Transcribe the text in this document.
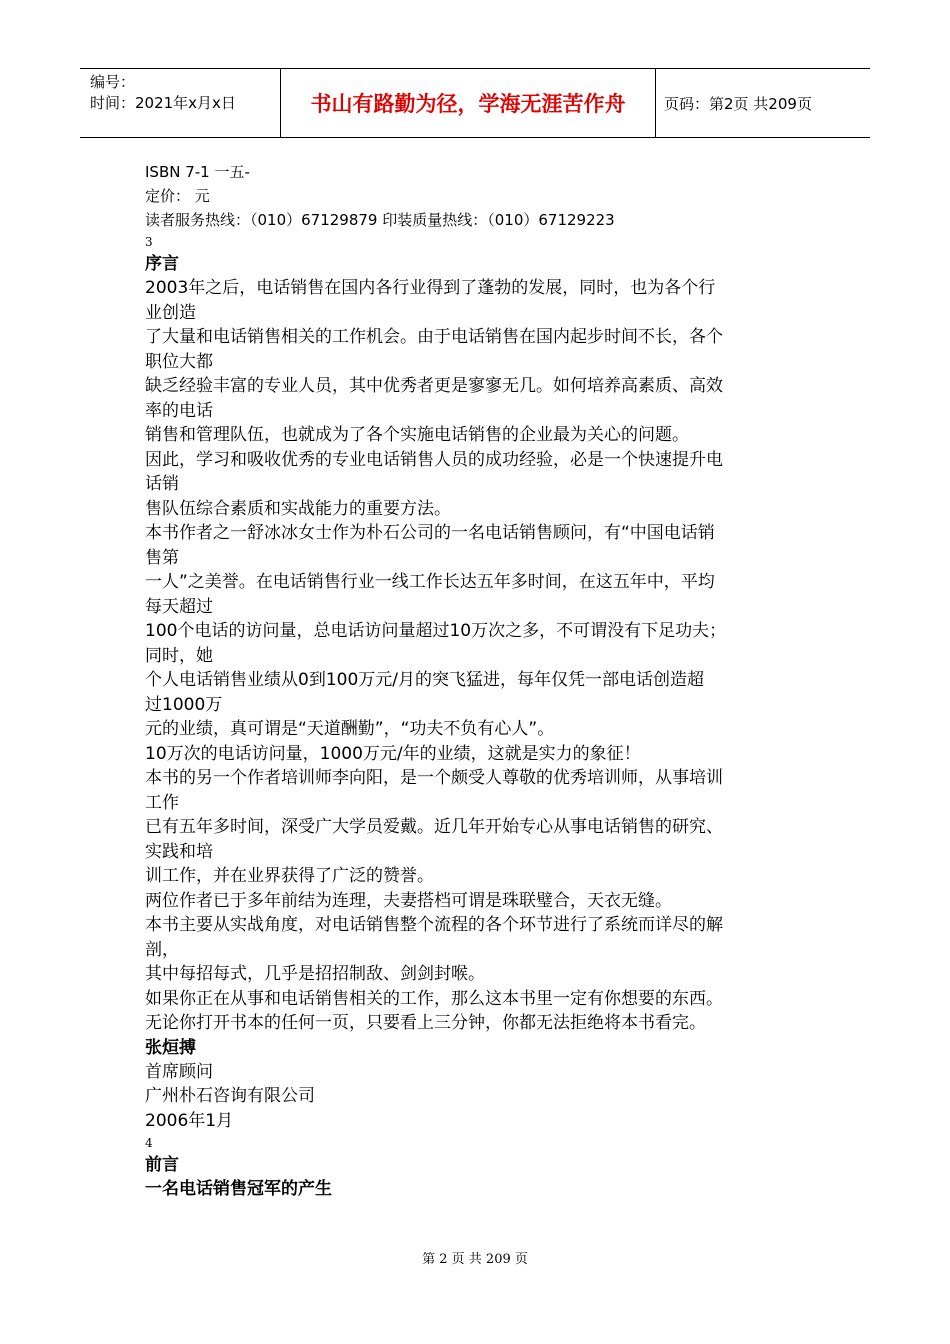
编号：
时间：2021年x月x日	书山有路勤为径，学海无涯苦作舟	页码：第2页 共209页
ISBN 7-1 一五-
定价： 元
读者服务热线：（010）67129879 印装质量热线：（010）67129223
3
序言

2003年之后，电话销售在国内各行业得到了蓬勃的发展，同时，也为各个行

业创造

了大量和电话销售相关的工作机会。由于电话销售在国内起步时间不长，各个

职位大都

缺乏经验丰富的专业人员，其中优秀者更是寥寥无几。如何培养高素质、高效

率的电话

销售和管理队伍，也就成为了各个实施电话销售的企业最为关心的问题。

因此，学习和吸收优秀的专业电话销售人员的成功经验，必是一个快速提升电

话销

售队伍综合素质和实战能力的重要方法。

本书作者之一舒冰冰女士作为朴石公司的一名电话销售顾问，有“中国电话销

售第

一人”之美誉。在电话销售行业一线工作长达五年多时间，在这五年中，平均

每天超过

100个电话的访问量，总电话访问量超过10万次之多，不可谓没有下足功夫；

同时，她

个人电话销售业绩从0到100万元/月的突飞猛进，每年仅凭一部电话创造超

过1000万

元的业绩，真可谓是“天道酬勤”，“功夫不负有心人”。

10万次的电话访问量，1000万元/年的业绩，这就是实力的象征！

本书的另一个作者培训师李向阳，是一个颇受人尊敬的优秀培训师，从事培训

工作

已有五年多时间，深受广大学员爱戴。近几年开始专心从事电话销售的研究、

实践和培

训工作，并在业界获得了广泛的赞誉。

两位作者已于多年前结为连理，夫妻搭档可谓是珠联璧合，天衣无缝。

本书主要从实战角度，对电话销售整个流程的各个环节进行了系统而详尽的解

剖，

其中每招每式，几乎是招招制敌、剑剑封喉。

如果你正在从事和电话销售相关的工作，那么这本书里一定有你想要的东西。

无论你打开书本的任何一页，只要看上三分钟，你都无法拒绝将本书看完。

张烜搏
首席顾问
广州朴石咨询有限公司
2006年1月
4
前言
一名电话销售冠军的产生
第 2 页 共 209 页
